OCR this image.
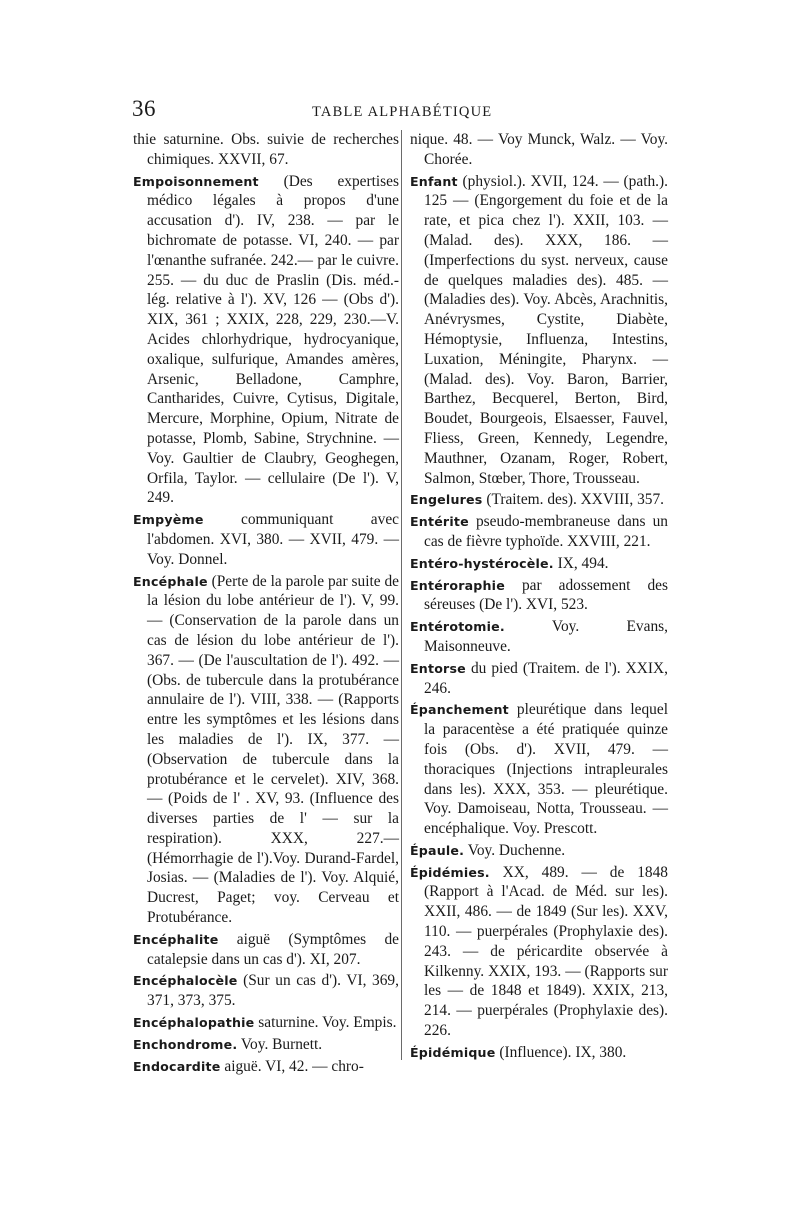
36	TABLE ALPHABÉTIQUE
thie saturnine. Obs. suivie de recherches chimiques. XXVII, 67.
Empoisonnement (Des expertises médico légales à propos d'une accusation d'). IV, 238. — par le bichromate de potasse. VI, 240. — par l'œnanthe sufranée. 242.— par le cuivre. 255. — du duc de Praslin (Dis. méd.-lég. relative à l'). XV, 126 — (Obs d'). XIX, 361 ; XXIX, 228, 229, 230.—V. Acides chlorhydrique, hydrocyanique, oxalique, sulfurique, Amandes amères, Arsenic, Belladone, Camphre, Cantharides, Cuivre, Cytisus, Digitale, Mercure, Morphine, Opium, Nitrate de potasse, Plomb, Sabine, Strychnine. — Voy. Gaultier de Claubry, Geoghegen, Orfila, Taylor. — cellulaire (De l'). V, 249.
Empyème communiquant avec l'abdomen. XVI, 380. — XVII, 479. — Voy. Donnel.
Encéphale (Perte de la parole par suite de la lésion du lobe antérieur de l'). V, 99. — (Conservation de la parole dans un cas de lésion du lobe antérieur de l'). 367. — (De l'auscultation de l'). 492. — (Obs. de tubercule dans la protubérance annulaire de l'). VIII, 338. — (Rapports entre les symptômes et les lésions dans les maladies de l'). IX, 377. — (Observation de tubercule dans la protubérance et le cervelet). XIV, 368. — (Poids de l' . XV, 93. (Influence des diverses parties de l' — sur la respiration). XXX, 227.— (Hémorrhagie de l').Voy. Durand-Fardel, Josias. — (Maladies de l'). Voy. Alquié, Ducrest, Paget; voy. Cerveau et Protubérance.
Encéphalite aiguë (Symptômes de catalepsie dans un cas d'). XI, 207.
Encéphalocèle (Sur un cas d'). VI, 369, 371, 373, 375.
Encéphalopathie saturnine. Voy. Empis.
Enchondrome. Voy. Burnett.
Endocardite aiguë. VI, 42. — chro-
nique. 48. — Voy Munck, Walz. — Voy. Chorée.
Enfant (physiol.). XVII, 124. — (path.). 125 — (Engorgement du foie et de la rate, et pica chez l'). XXII, 103. — (Malad. des). XXX, 186. — (Imperfections du syst. nerveux, cause de quelques maladies des). 485. — (Maladies des). Voy. Abcès, Arachnitis, Anévrysmes, Cystite, Diabète, Hémoptysie, Influenza, Intestins, Luxation, Méningite, Pharynx. — (Malad. des). Voy. Baron, Barrier, Barthez, Becquerel, Berton, Bird, Boudet, Bourgeois, Elsaesser, Fauvel, Fliess, Green, Kennedy, Legendre, Mauthner, Ozanam, Roger, Robert, Salmon, Stœber, Thore, Trousseau.
Engelures (Traitem. des). XXVIII, 357.
Entérite pseudo-membraneuse dans un cas de fièvre typhoïde. XXVIII, 221.
Entéro-hystérocèle. IX, 494.
Entéroraphie par adossement des séreuses (De l'). XVI, 523.
Entérotomie.	Voy. Evans, Maisonneuve.
Entorse du pied (Traitem. de l'). XXIX, 246.
Épanchement pleurétique dans lequel la paracentèse a été pratiquée quinze fois (Obs. d'). XVII, 479. — thoraciques (Injections intrapleurales dans les). XXX, 353. — pleurétique. Voy. Damoiseau, Notta, Trousseau. — encéphalique. Voy. Prescott.
Épaule. Voy. Duchenne.
Épidémies. XX, 489. — de 1848 (Rapport à l'Acad. de Méd. sur les). XXII, 486. — de 1849 (Sur les). XXV, 110. — puerpérales (Prophylaxie des). 243. — de péricardite observée à Kilkenny. XXIX, 193. — (Rapports sur les — de 1848 et 1849). XXIX, 213, 214. — puerpérales (Prophylaxie des). 226.
Épidémique (Influence). IX, 380.
